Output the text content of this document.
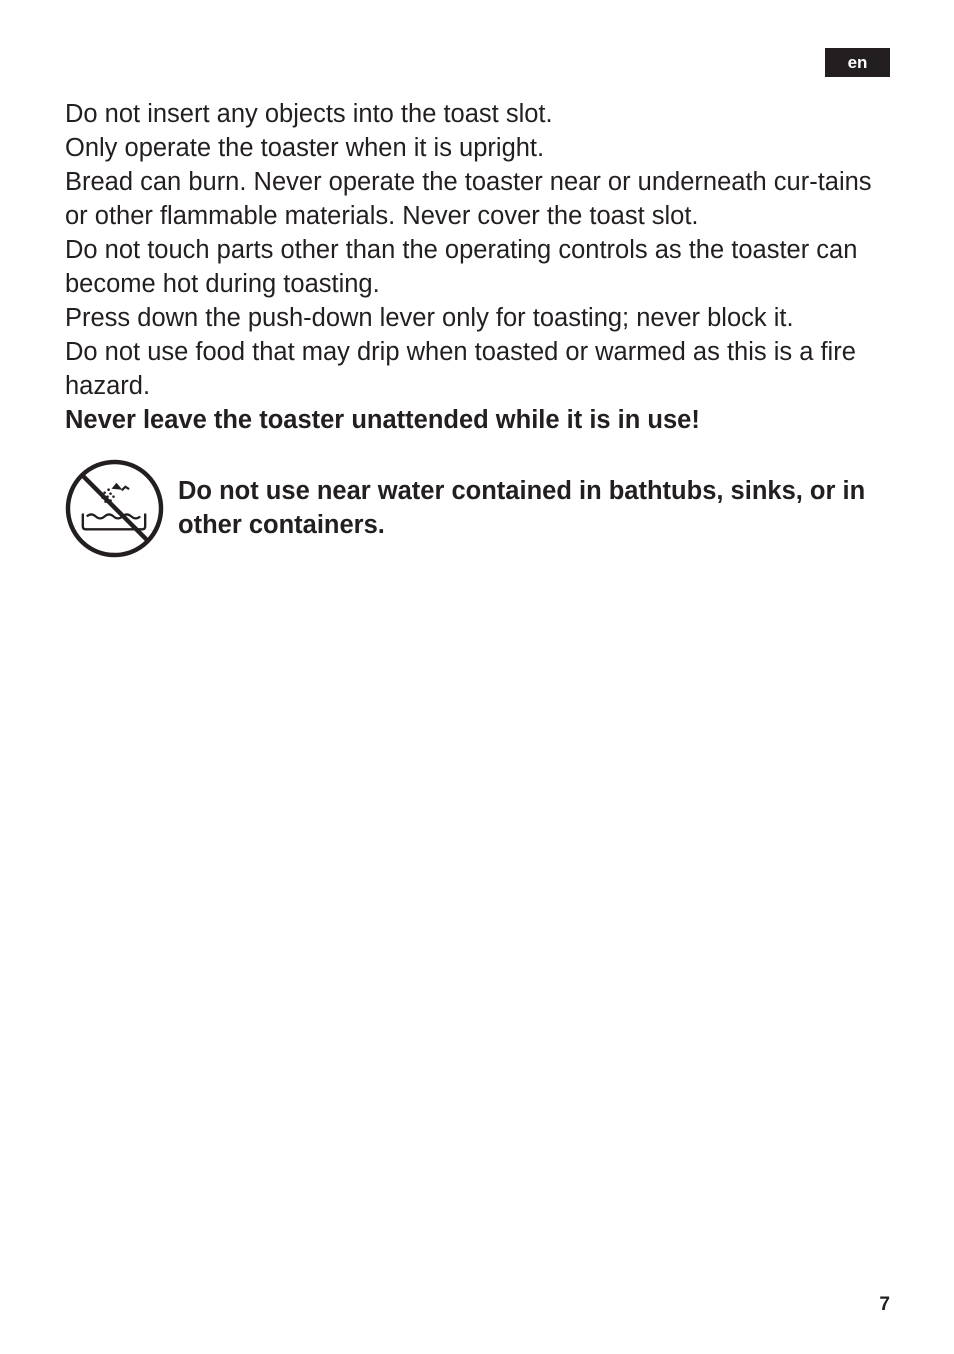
en

Do not insert any objects into the toast slot.

Only operate the toaster when it is upright.

Bread can burn. Never operate the toaster near or underneath cur-tains or other flammable materials. Never cover the toast slot.

Do not touch parts other than the operating controls as the toaster can become hot during toasting.

Press down the push-down lever only for toasting; never block it.

Do not use food that may drip when toasted or warmed as this is a fire hazard.

Never leave the toaster unattended while it is in use!

Do not use near water contained in bathtubs, sinks, or in other containers.

7
